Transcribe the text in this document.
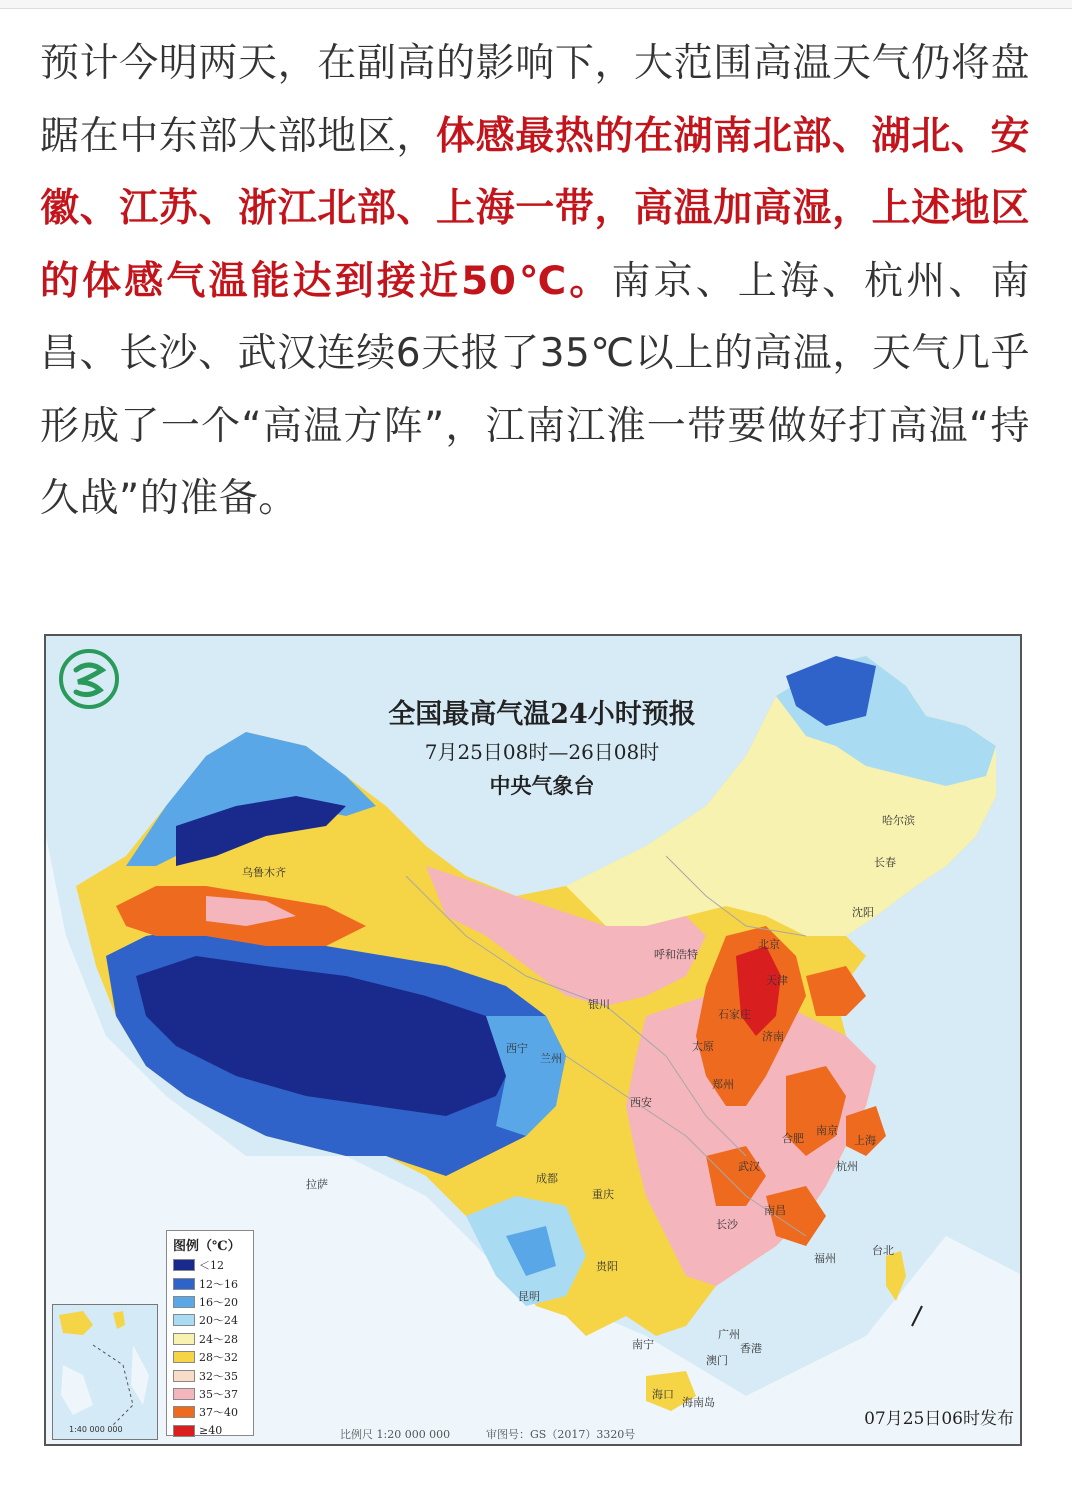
预计今明两天，在副高的影响下，大范围高温天气仍将盘踞在中东部大部地区，体感最热的在湖南北部、湖北、安徽、江苏、浙江北部、上海一带，高温加高湿，上述地区的体感气温能达到接近50℃。南京、上海、杭州、南昌、长沙、武汉连续6天报了35℃以上的高温，天气几乎形成了一个“高温方阵”，江南江淮一带要做好打高温“持久战”的准备。
全国最高气温24小时预报
7月25日08时—26日08时
中央气象台
哈尔滨
长春
沈阳
乌鲁木齐
呼和浩特
北京
天津
石家庄
太原
济南
银川
西宁
兰州
郑州
西安
合肥
南京
上海
武汉	杭州
成都
重庆
长沙
南昌
福州
台北
贵阳
昆明
南宁
广州
香港
澳门
海口
海南岛
拉萨
图例（℃）
＜12
12～16
16～20
20～24
24～28
28～32
32～35
35～37
37～40
≥40
1:40 000 000
07月25日06时发布
比例尺 1:20 000 000	审图号：GS（2017）3320号
